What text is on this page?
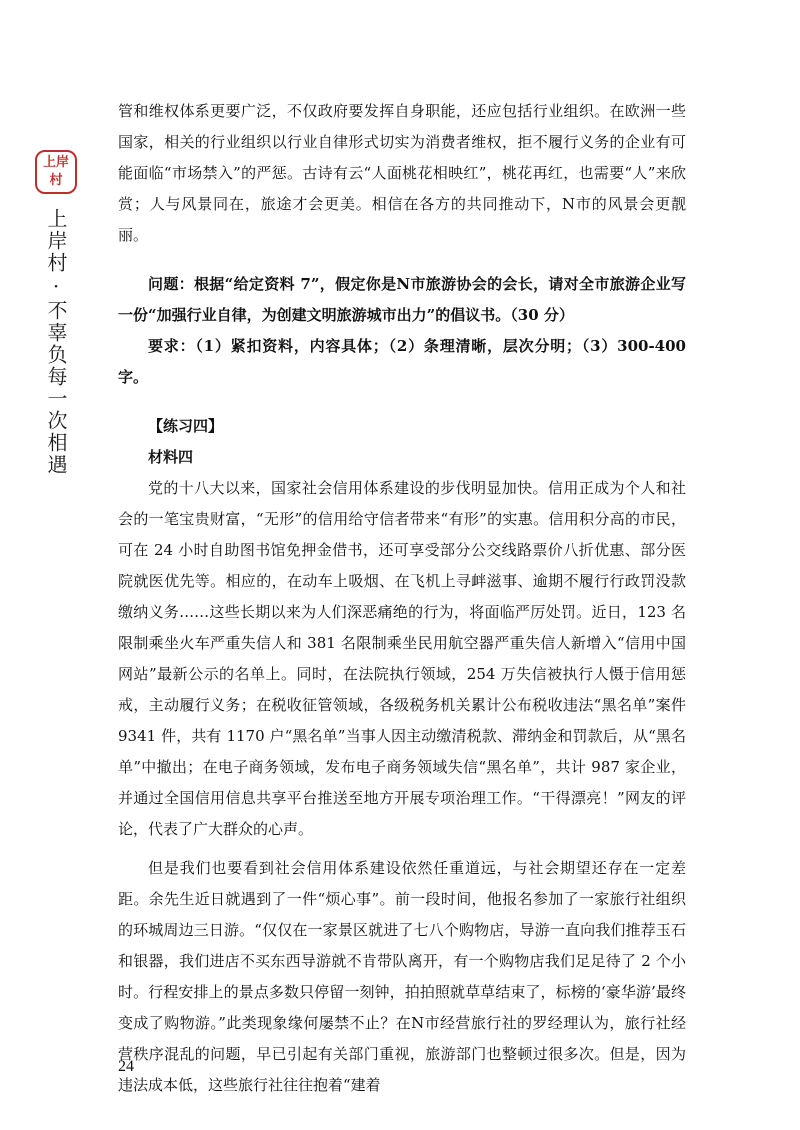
上岸村
上岸村·不辜负每一次相遇

管和维权体系更要广泛，不仅政府要发挥自身职能，还应包括行业组织。在欧洲一些国家，相关的行业组织以行业自律形式切实为消费者维权，拒不履行义务的企业有可能面临“市场禁入”的严惩。古诗有云“人面桃花相映红”，桃花再红，也需要“人”来欣赏；人与风景同在，旅途才会更美。相信在各方的共同推动下，N市的风景会更靓丽。

问题：根据“给定资料 7”，假定你是N市旅游协会的会长，请对全市旅游企业写一份“加强行业自律，为创建文明旅游城市出力”的倡议书。（30 分）

要求：（1）紧扣资料，内容具体；（2）条理清晰，层次分明；（3）300-400 字。

【练习四】

材料四

党的十八大以来，国家社会信用体系建设的步伐明显加快。信用正成为个人和社会的一笔宝贵财富，“无形”的信用给守信者带来“有形”的实惠。信用积分高的市民，可在 24 小时自助图书馆免押金借书，还可享受部分公交线路票价八折优惠、部分医院就医优先等。相应的，在动车上吸烟、在飞机上寻衅滋事、逾期不履行行政罚没款缴纳义务……这些长期以来为人们深恶痛绝的行为，将面临严厉处罚。近日，123 名限制乘坐火车严重失信人和 381 名限制乘坐民用航空器严重失信人新增入“信用中国网站”最新公示的名单上。同时，在法院执行领域，254 万失信被执行人慑于信用惩戒，主动履行义务；在税收征管领域，各级税务机关累计公布税收违法“黑名单”案件 9341 件，共有 1170 户“黑名单”当事人因主动缴清税款、滞纳金和罚款后，从“黑名单”中撤出；在电子商务领域，发布电子商务领域失信“黑名单”，共计 987 家企业，并通过全国信用信息共享平台推送至地方开展专项治理工作。“干得漂亮！”网友的评论，代表了广大群众的心声。

但是我们也要看到社会信用体系建设依然任重道远，与社会期望还存在一定差距。余先生近日就遇到了一件“烦心事”。前一段时间，他报名参加了一家旅行社组织的环城周边三日游。“仅仅在一家景区就进了七八个购物店，导游一直向我们推荐玉石和银器，我们进店不买东西导游就不肯带队离开，有一个购物店我们足足待了 2 个小时。行程安排上的景点多数只停留一刻钟，拍拍照就草草结束了，标榜的‘豪华游’最终变成了购物游。”此类现象缘何屡禁不止？在N市经营旅行社的罗经理认为，旅行社经营秩序混乱的问题，早已引起有关部门重视，旅游部门也整顿过很多次。但是，因为违法成本低，这些旅行社往往抱着“建着

24
